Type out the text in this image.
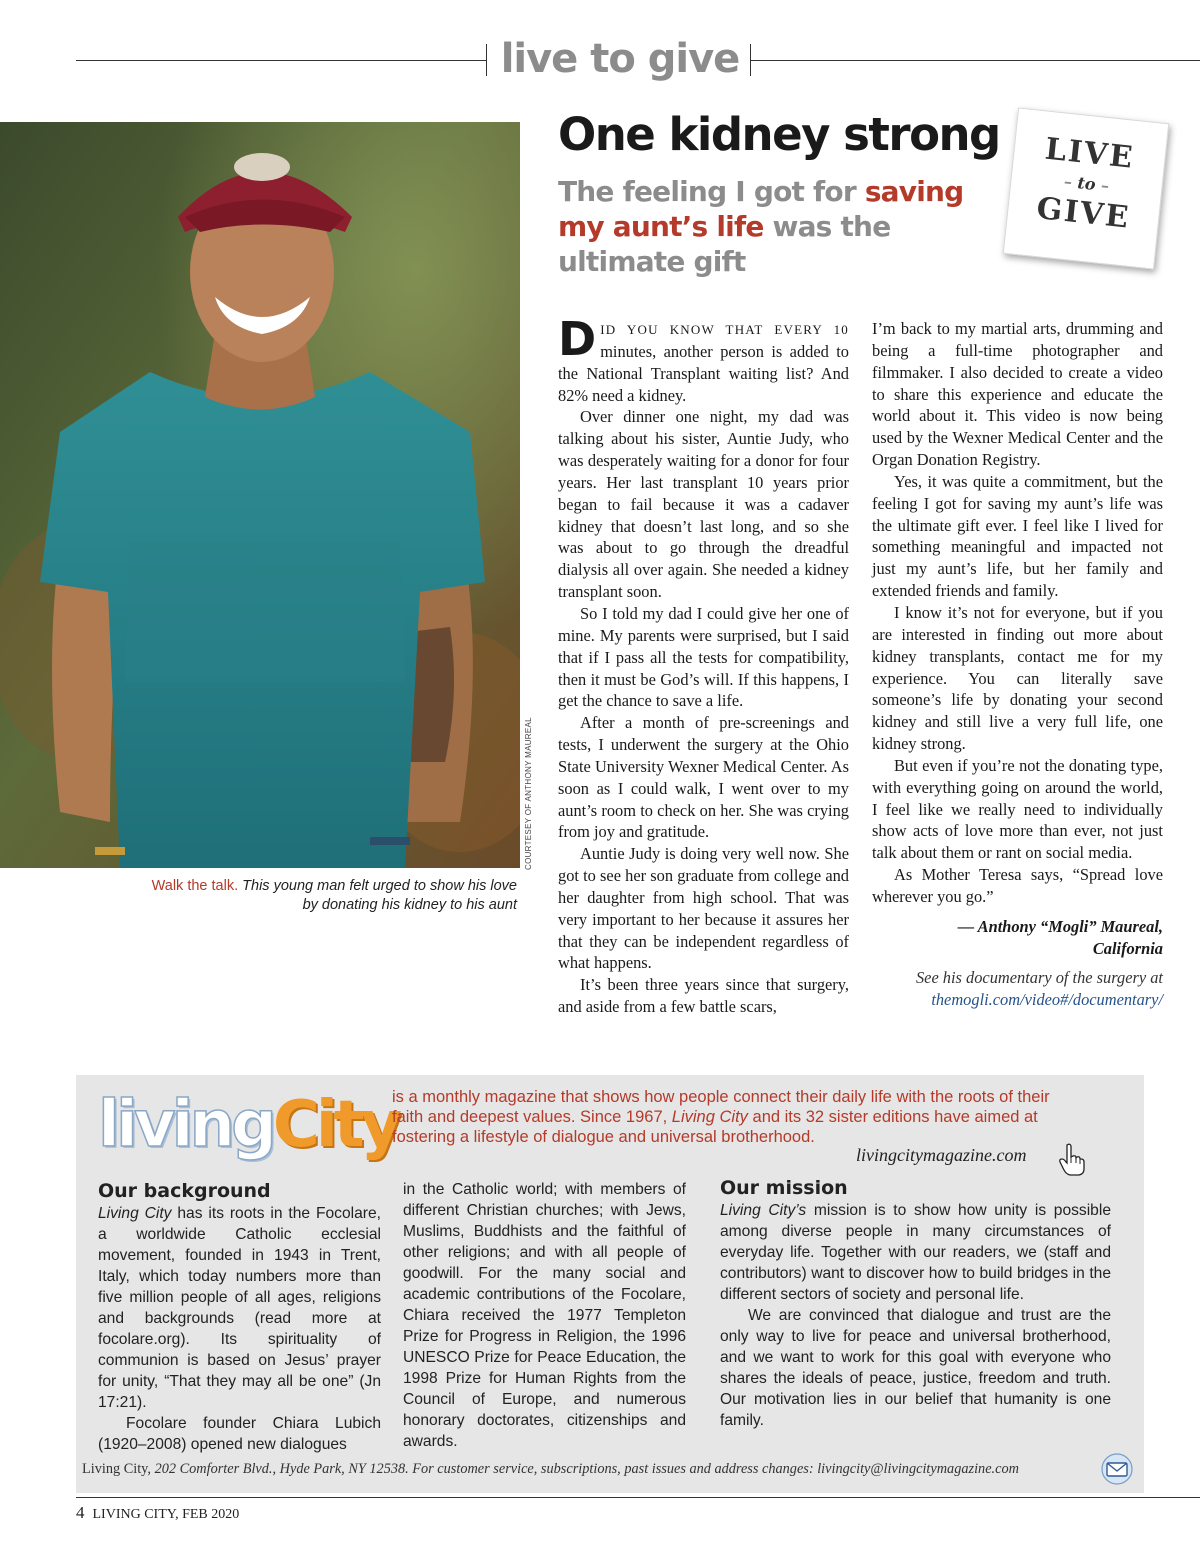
live to give
COURTESEY OF ANTHONY MAUREAL
Walk the talk. This young man felt urged to show his love by donating his kidney to his aunt
One kidney strong
The feeling I got for saving my aunt’s life was the ultimate gift
LIVE
– to –
GIVE

DID YOU KNOW THAT EVERY 10 minutes, another person is added to the National Transplant waiting list? And 82% need a kidney.

Over dinner one night, my dad was talking about his sister, Auntie Judy, who was desperately waiting for a donor for four years. Her last transplant 10 years prior began to fail because it was a cadaver kidney that doesn’t last long, and so she was about to go through the dreadful dialysis all over again. She needed a kidney transplant soon.

So I told my dad I could give her one of mine. My parents were surprised, but I said that if I pass all the tests for compatibility, then it must be God’s will. If this happens, I get the chance to save a life.

After a month of pre-screenings and tests, I underwent the surgery at the Ohio State University Wexner Medical Center. As soon as I could walk, I went over to my aunt’s room to check on her. She was crying from joy and gratitude.

Auntie Judy is doing very well now. She got to see her son graduate from college and her daughter from high school. That was very important to her because it assures her that they can be independent regardless of what happens.

It’s been three years since that surgery, and aside from a few battle scars,

I’m back to my martial arts, drumming and being a full-time photographer and filmmaker. I also decided to create a video to share this experience and educate the world about it. This video is now being used by the Wexner Medical Center and the Organ Donation Registry.

Yes, it was quite a commitment, but the feeling I got for saving my aunt’s life was the ultimate gift ever. I feel like I lived for something meaningful and impacted not just my aunt’s life, but her family and extended friends and family.

I know it’s not for everyone, but if you are interested in finding out more about kidney transplants, contact me for my experience. You can literally save someone’s life by donating your second kidney and still live a very full life, one kidney strong.

But even if you’re not the donating type, with everything going on around the world, I feel like we really need to individually show acts of love more than ever, not just talk about them or rant on social media.

As Mother Teresa says, “Spread love wherever you go.”

— Anthony “Mogli” Maureal,
California
See his documentary of the surgery at
themogli.com/video#/documentary/
livingCity
is a monthly magazine that shows how people connect their daily life with the roots of their faith and deepest values. Since 1967, Living City and its 32 sister editions have aimed at fostering a lifestyle of dialogue and universal brotherhood.
livingcitymagazine.com
Our background

Living City has its roots in the Focolare, a worldwide Catholic ecclesial movement, founded in 1943 in Trent, Italy, which today numbers more than five million people of all ages, religions and backgrounds (read more at focolare.org). Its spirituality of communion is based on Jesus’ prayer for unity, “That they may all be one” (Jn 17:21).

Focolare founder Chiara Lubich (1920–2008) opened new dialogues

in the Catholic world; with members of different Christian churches; with Jews, Muslims, Buddhists and the faithful of other religions; and with all people of goodwill. For the many social and academic contributions of the Focolare, Chiara received the 1977 Templeton Prize for Progress in Religion, the 1996 UNESCO Prize for Peace Education, the 1998 Prize for Human Rights from the Council of Europe, and numerous honorary doctorates, citizenships and awards.

Our mission

Living City’s mission is to show how unity is possible among diverse people in many circumstances of everyday life. Together with our readers, we (staff and contributors) want to discover how to build bridges in the different sectors of society and personal life.

We are convinced that dialogue and trust are the only way to live for peace and universal brotherhood, and we want to work for this goal with everyone who shares the ideals of peace, justice, freedom and truth. Our motivation lies in our belief that humanity is one family.

Living City, 202 Comforter Blvd., Hyde Park, NY 12538. For customer service, subscriptions, past issues and address changes: livingcity@livingcitymagazine.com
4 LIVING CITY, FEB 2020
